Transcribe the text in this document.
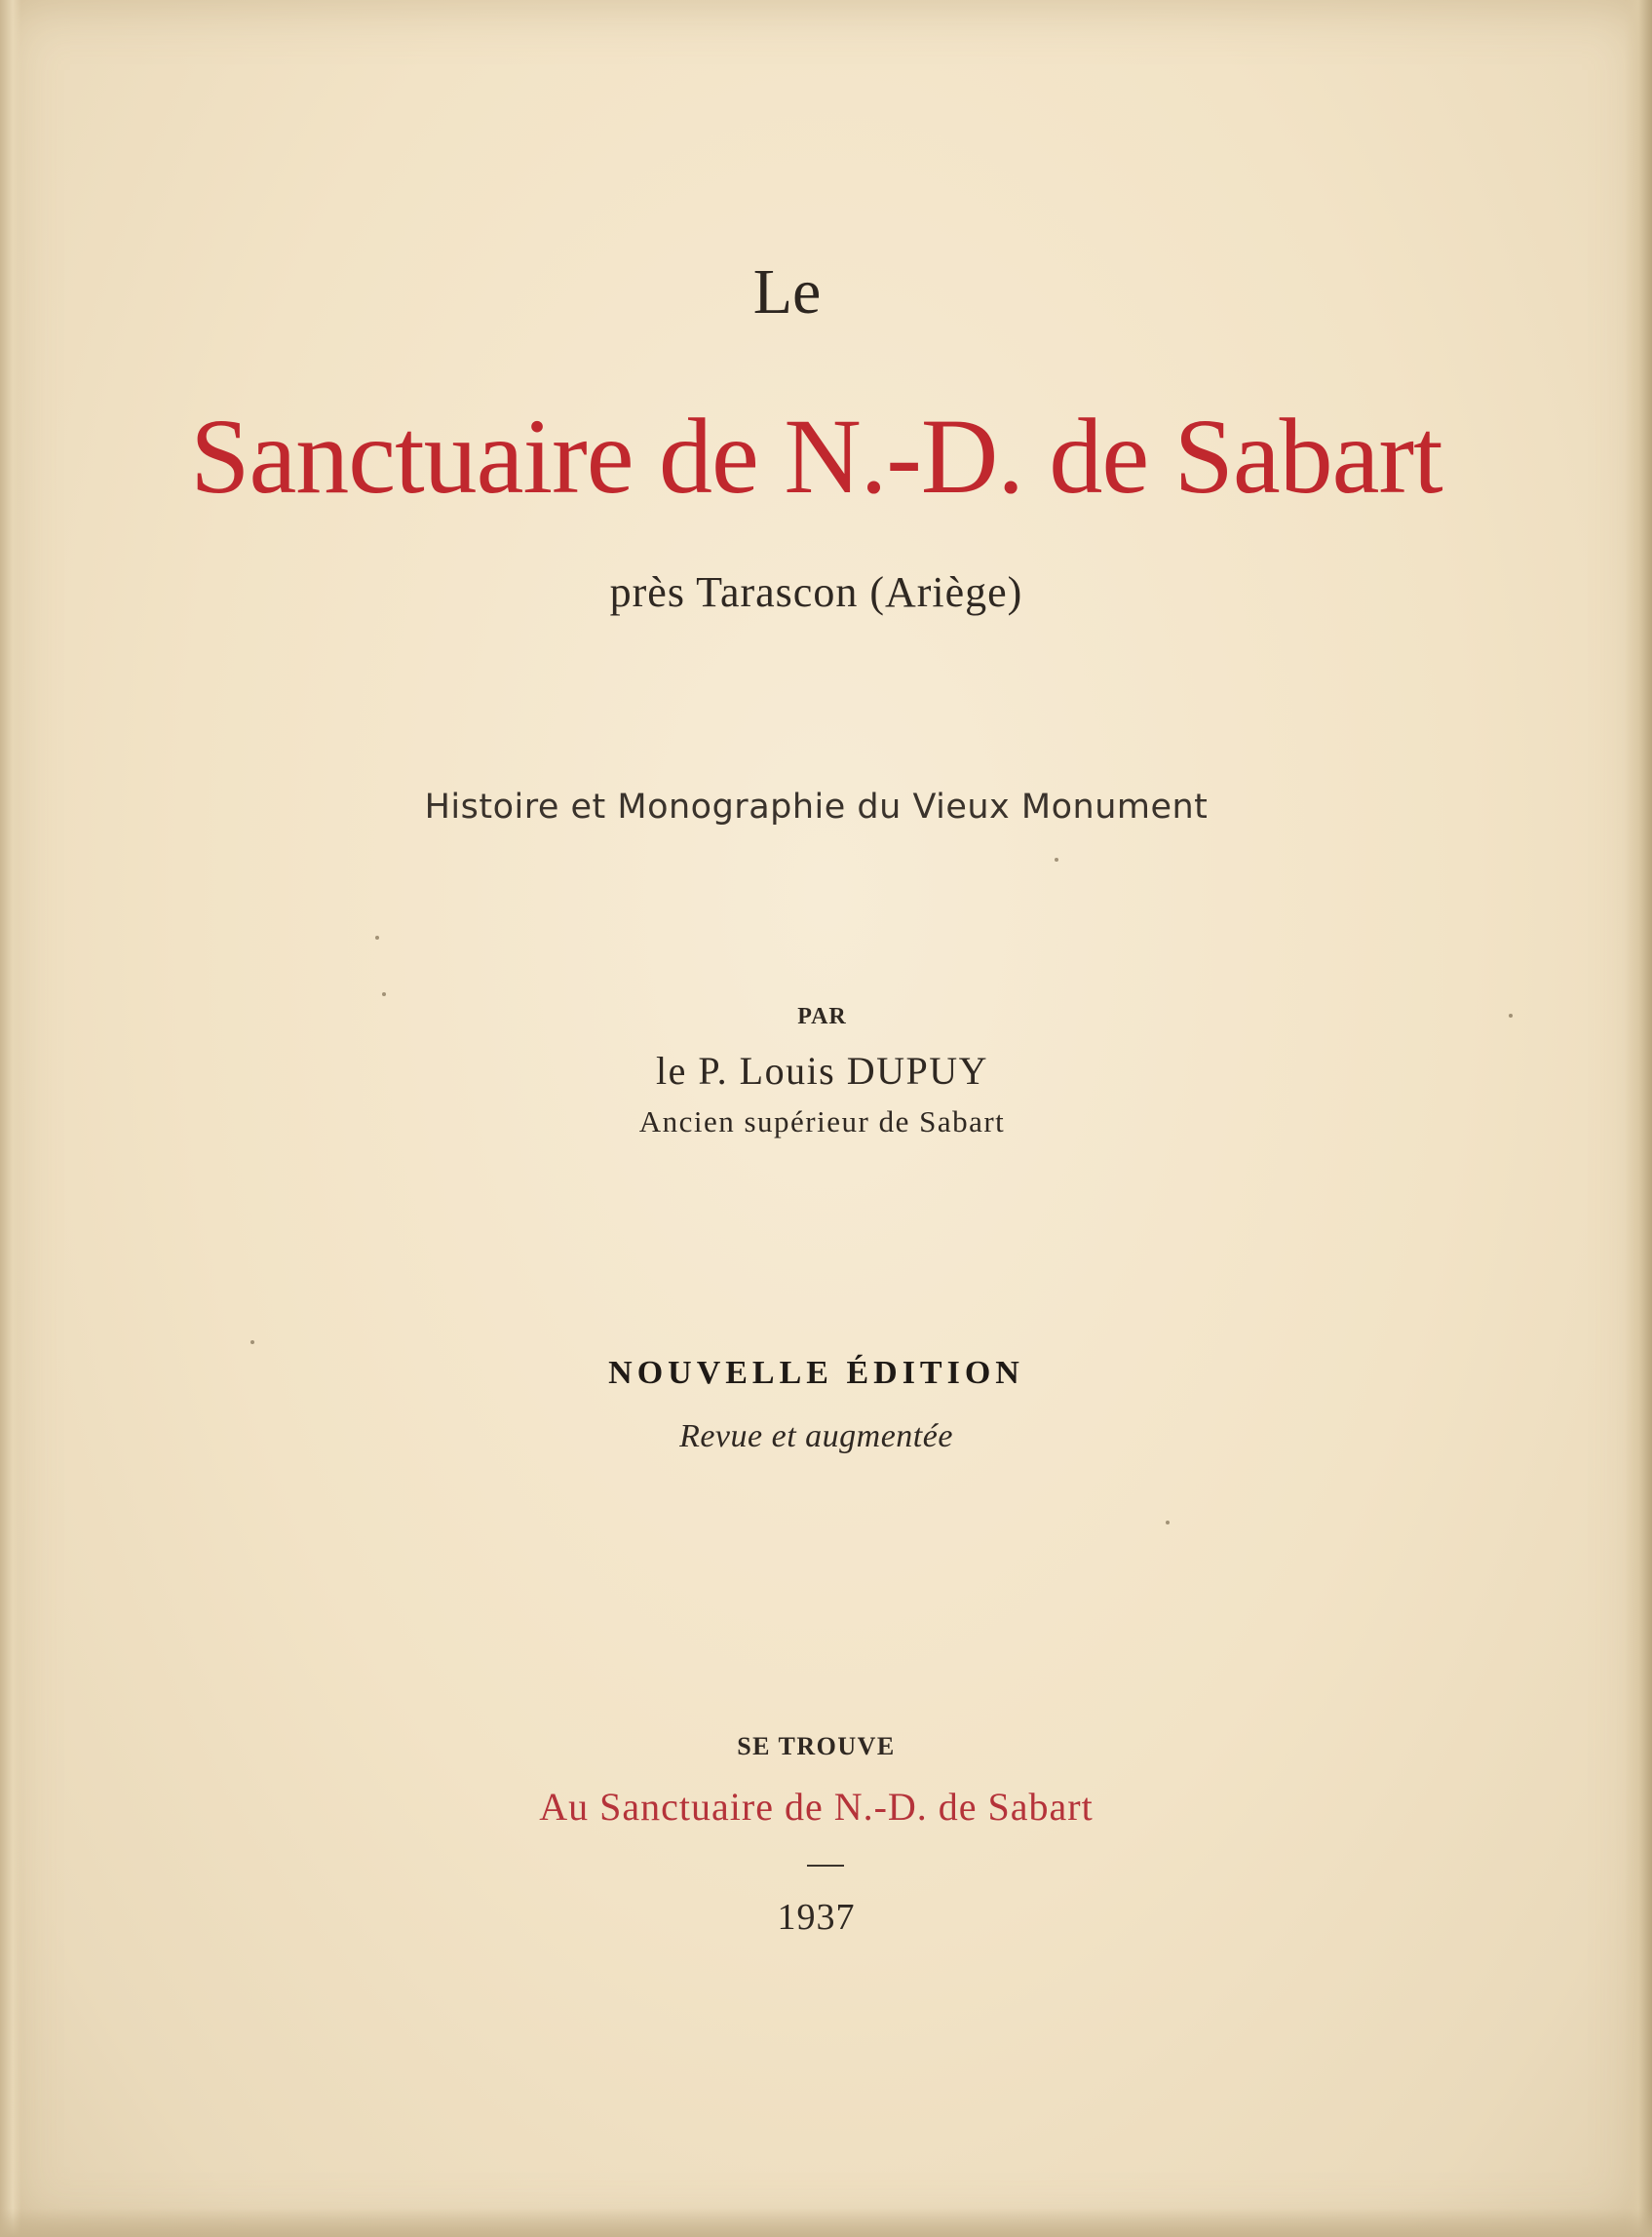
Le
Sanctuaire de N.-D. de Sabart
près Tarascon (Ariège)
Histoire et Monographie du Vieux Monument
PAR
le P. Louis DUPUY
Ancien supérieur de Sabart
NOUVELLE ÉDITION
Revue et augmentée
SE TROUVE
Au Sanctuaire de N.-D. de Sabart
1937
